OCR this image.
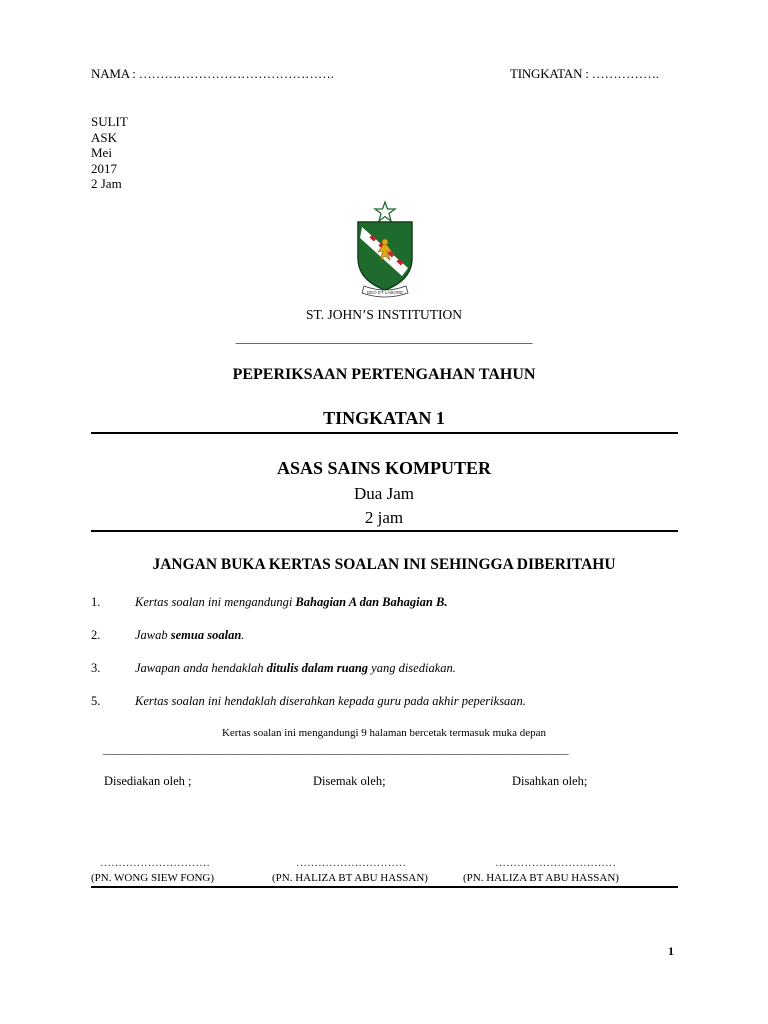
NAMA : ……………………………………….	TINGKATAN : …………….
SULIT
ASK
Mei
2017
2 Jam
DEO ET LABORE
ST. JOHN’S INSTITUTION
____________________________________________________
PEPERIKSAAN PERTENGAHAN TAHUN
TINGKATAN 1
ASAS SAINS KOMPUTER
Dua Jam
2 jam
JANGAN BUKA KERTAS SOALAN INI SEHINGGA DIBERITAHU
1.	Kertas soalan ini mengandungi Bahagian A dan Bahagian B.
2.	Jawab semua soalan.
3.	Jawapan anda hendaklah ditulis dalam ruang yang disediakan.
5.	Kertas soalan ini hendaklah diserahkan kepada guru pada akhir peperiksaan.
Kertas soalan ini mengandungi 9 halaman bercetak termasuk muka depan
_____________________________________________________________________________________________
Disediakan oleh ;	Disemak oleh;	Disahkan oleh;
…………………………	…………………………	……………………………
(PN. WONG SIEW FONG)	(PN. HALIZA BT ABU HASSAN)	(PN. HALIZA BT ABU HASSAN)
1
